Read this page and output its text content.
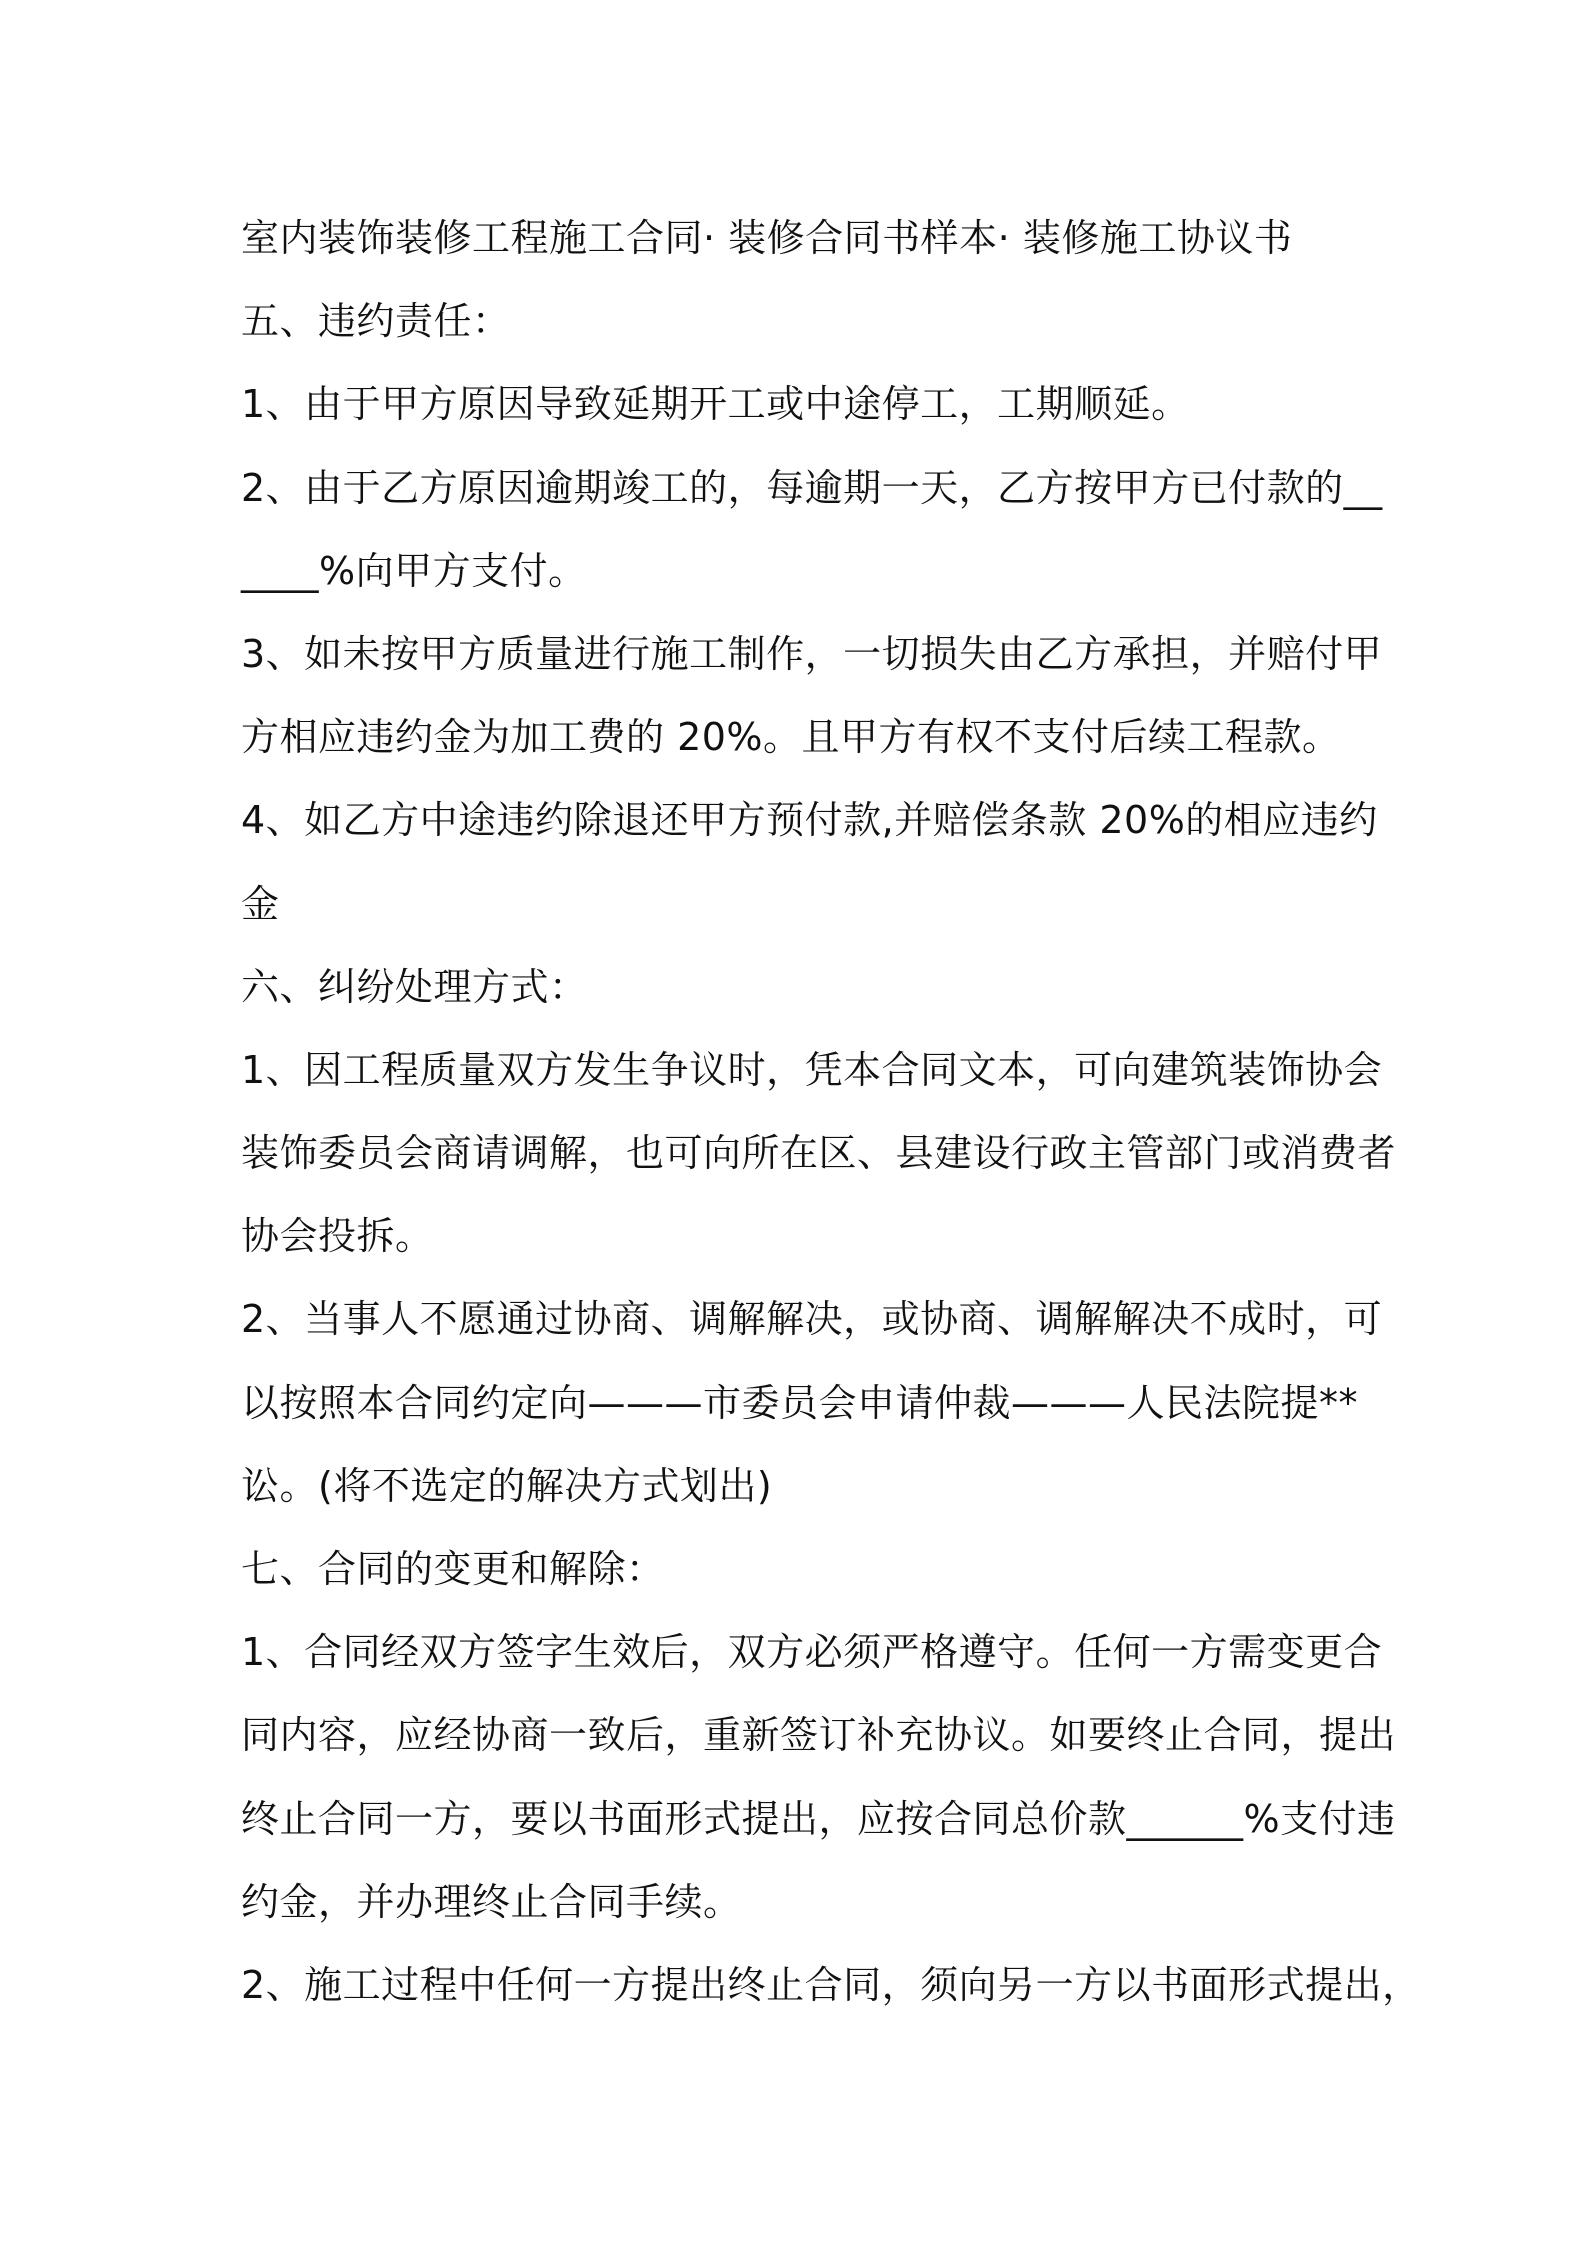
室内装饰装修工程施工合同· 装修合同书样本· 装修施工协议书
五、违约责任：
1、由于甲方原因导致延期开工或中途停工，工期顺延。
2、由于乙方原因逾期竣工的，每逾期一天，乙方按甲方已付款的__
____%向甲方支付。
3、如未按甲方质量进行施工制作，一切损失由乙方承担，并赔付甲
方相应违约金为加工费的 20%。且甲方有权不支付后续工程款。
4、如乙方中途违约除退还甲方预付款,并赔偿条款 20%的相应违约
金
六、纠纷处理方式：
1、因工程质量双方发生争议时，凭本合同文本，可向建筑装饰协会
装饰委员会商请调解，也可向所在区、县建设行政主管部门或消费者
协会投拆。
2、当事人不愿通过协商、调解解决，或协商、调解解决不成时，可
以按照本合同约定向———市委员会申请仲裁———人民法院提**
讼。(将不选定的解决方式划出)
七、合同的变更和解除：
1、合同经双方签字生效后，双方必须严格遵守。任何一方需变更合
同内容，应经协商一致后，重新签订补充协议。如要终止合同，提出
终止合同一方，要以书面形式提出，应按合同总价款______%支付违
约金，并办理终止合同手续。
2、施工过程中任何一方提出终止合同，须向另一方以书面形式提出，
